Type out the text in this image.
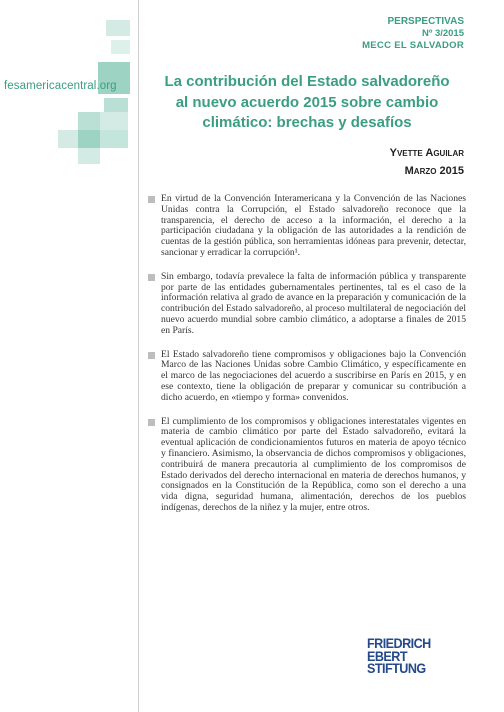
fesamericacentral.org
PERSPECTIVAS
Nº 3/2015
MECC EL SALVADOR
La contribución del Estado salvadoreño
al nuevo acuerdo 2015 sobre cambio
climático: brechas y desafíos
Yvette Aguilar
Marzo 2015

En virtud de la Convención Interamericana y la Convención de las Naciones Unidas contra la Corrupción, el Estado salvadoreño reconoce que la transparencia, el derecho de acceso a la información, el derecho a la participación ciudadana y la obligación de las autoridades a la rendición de cuentas de la gestión pública, son herramientas idóneas para prevenir, detectar, sancionar y erradicar la corrupción¹.

Sin embargo, todavía prevalece la falta de información pública y transparente por parte de las entidades gubernamentales pertinentes, tal es el caso de la información relativa al grado de avance en la preparación y comunicación de la contribución del Estado salvadoreño, al proceso multilateral de negociación del nuevo acuerdo mundial sobre cambio climático, a adoptarse a finales de 2015 en París.

El Estado salvadoreño tiene compromisos y obligaciones bajo la Convención Marco de las Naciones Unidas sobre Cambio Climático, y específicamente en el marco de las negociaciones del acuerdo a suscribirse en París en 2015, y en ese contexto, tiene la obligación de preparar y comunicar su contribución a dicho acuerdo, en «tiempo y forma» convenidos.

El cumplimiento de los compromisos y obligaciones interestatales vigentes en materia de cambio climático por parte del Estado salvadoreño, evitará la eventual aplicación de condicionamientos futuros en materia de apoyo técnico y financiero. Asimismo, la observancia de dichos compromisos y obligaciones, contribuirá de manera precautoria al cumplimiento de los compromisos de Estado derivados del derecho internacional en materia de derechos humanos, y consignados en la Constitución de la República, como son el derecho a una vida digna, seguridad humana, alimentación, derechos de los pueblos indígenas, derechos de la niñez y la mujer, entre otros.

FRIEDRICH
EBERT
STIFTUNG
